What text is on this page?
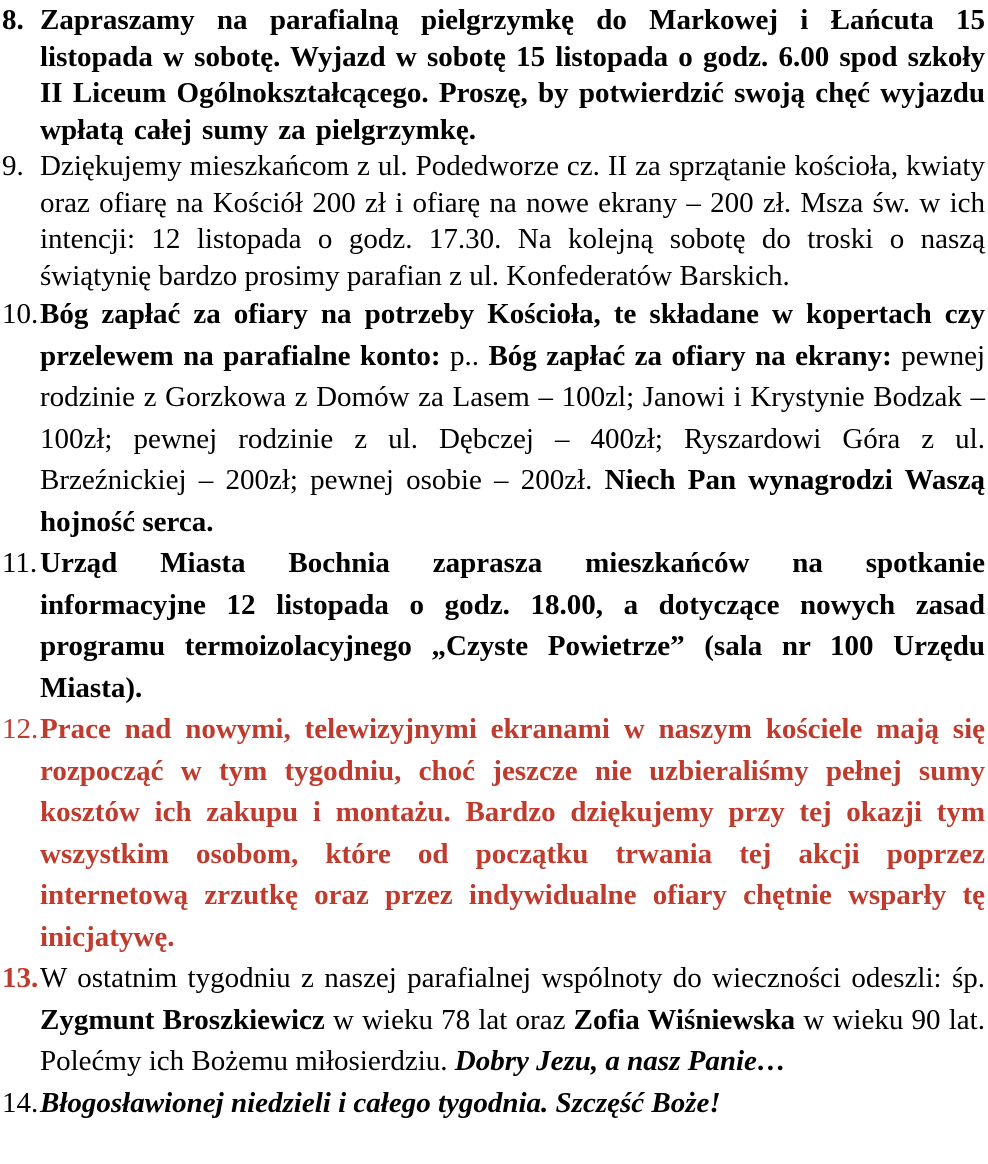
8. Zapraszamy na parafialną pielgrzymkę do Markowej i Łańcuta 15 listopada w sobotę. Wyjazd w sobotę 15 listopada o godz. 6.00 spod szkoły II Liceum Ogólnokształcącego. Proszę, by potwierdzić swoją chęć wyjazdu wpłatą całej sumy za pielgrzymkę.
9. Dziękujemy mieszkańcom z ul. Podedworze cz. II za sprzątanie kościoła, kwiaty oraz ofiarę na Kościół 200 zł i ofiarę na nowe ekrany – 200 zł. Msza św. w ich intencji: 12 listopada o godz. 17.30. Na kolejną sobotę do troski o naszą świątynię bardzo prosimy parafian z ul. Konfederatów Barskich.
10. Bóg zapłać za ofiary na potrzeby Kościoła, te składane w kopertach czy przelewem na parafialne konto: p.. Bóg zapłać za ofiary na ekrany: pewnej rodzinie z Gorzkowa z Domów za Lasem – 100zl; Janowi i Krystynie Bodzak – 100zł; pewnej rodzinie z ul. Dębczej – 400zł; Ryszardowi Góra z ul. Brzeźnickiej – 200zł; pewnej osobie – 200zł. Niech Pan wynagrodzi Waszą hojność serca.
11. Urząd Miasta Bochnia zaprasza mieszkańców na spotkanie informacyjne 12 listopada o godz. 18.00, a dotyczące nowych zasad programu termoizolacyjnego „Czyste Powietrze” (sala nr 100 Urzędu Miasta).
12. Prace nad nowymi, telewizyjnymi ekranami w naszym kościele mają się rozpocząć w tym tygodniu, choć jeszcze nie uzbieraliśmy pełnej sumy kosztów ich zakupu i montażu. Bardzo dziękujemy przy tej okazji tym wszystkim osobom, które od początku trwania tej akcji poprzez internetową zrzutkę oraz przez indywidualne ofiary chętnie wsparły tę inicjatywę.
13. W ostatnim tygodniu z naszej parafialnej wspólnoty do wieczności odeszli: śp. Zygmunt Broszkiewicz w wieku 78 lat oraz Zofia Wiśniewska w wieku 90 lat. Polećmy ich Bożemu miłosierdziu. Dobry Jezu, a nasz Panie…
14. Błogosławionej niedzieli i całego tygodnia. Szczęść Boże!
